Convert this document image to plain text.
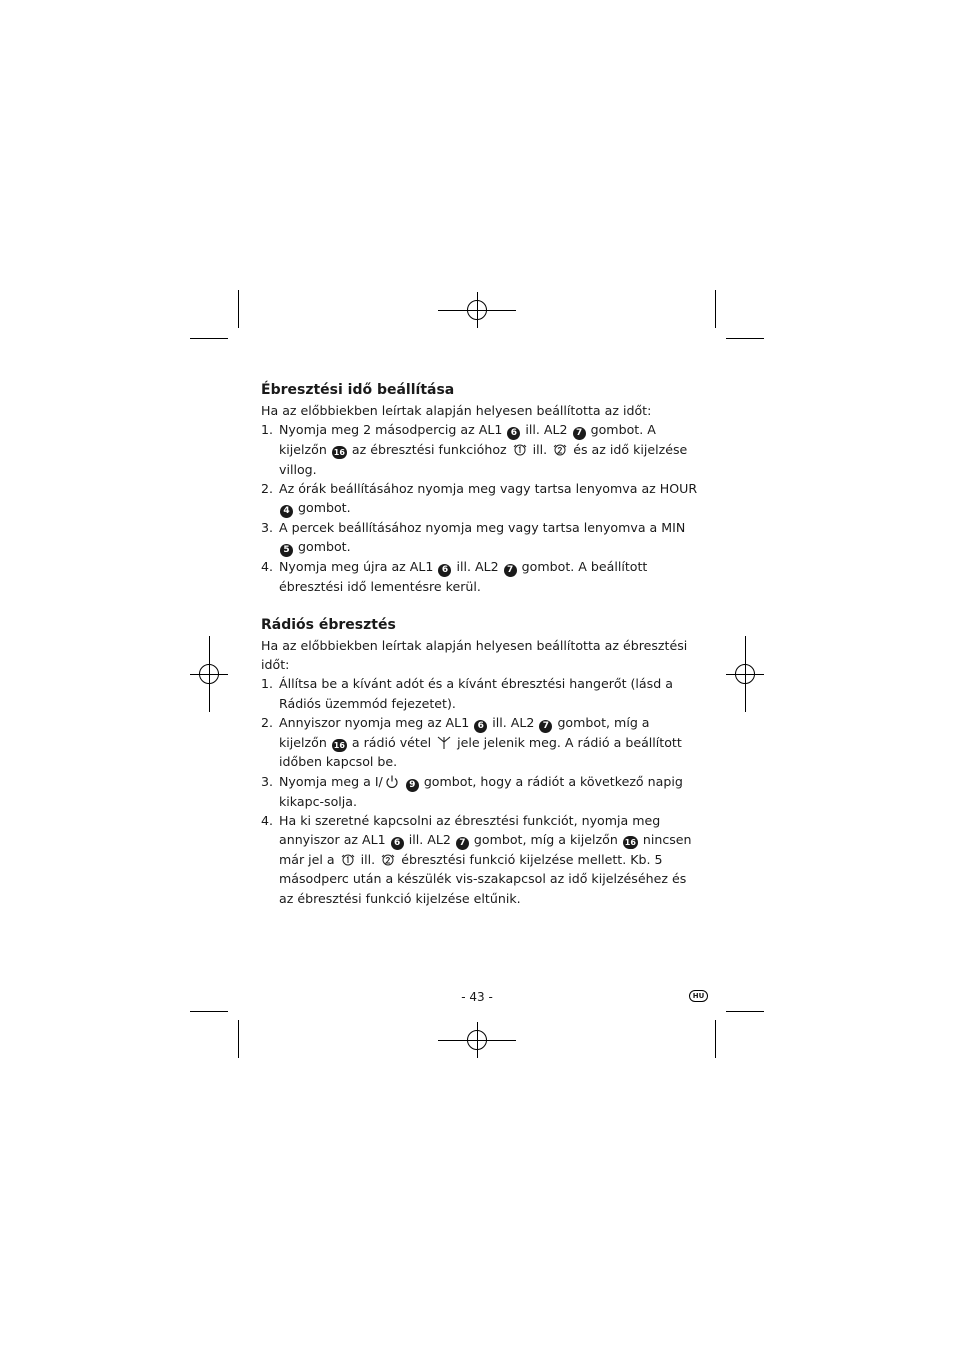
Ébresztési idő beállítása

Ha az előbbiekben leírtak alapján helyesen beállította az időt:

1. Nyomja meg 2 másodpercig az AL1 6 ill. AL2 7 gombot. A kijelzőn 16 az ébresztési funkcióhoz ill. és az idő kijelzése villog.
2. Az órák beállításához nyomja meg vagy tartsa lenyomva az HOUR 4 gombot.
3. A percek beállításához nyomja meg vagy tartsa lenyomva a MIN 5 gombot.
4. Nyomja meg újra az AL1 6 ill. AL2 7 gombot. A beállított ébresztési idő lementésre kerül.
Rádiós ébresztés

Ha az előbbiekben leírtak alapján helyesen beállította az ébresztési időt:

1. Állítsa be a kívánt adót és a kívánt ébresztési hangerőt (lásd a Rádiós üzemmód fejezetet).
2. Annyiszor nyomja meg az AL1 6 ill. AL2 7 gombot, míg a kijelzőn 16 a rádió vétel jele jelenik meg. A rádió a beállított időben kapcsol be.
3. Nyomja meg a I/	9 gombot, hogy a rádiót a következő napig kikapc-solja.
4. Ha ki szeretné kapcsolni az ébresztési funkciót, nyomja meg annyiszor az AL1 6 ill. AL2 7 gombot, míg a kijelzőn 16 nincsen már jel a ill. ébresztési funkció kijelzése mellett. Kb. 5 másodperc után a készülék vis-szakapcsol az idő kijelzéséhez és az ébresztési funkció kijelzése eltűnik.
- 43 -	HU
